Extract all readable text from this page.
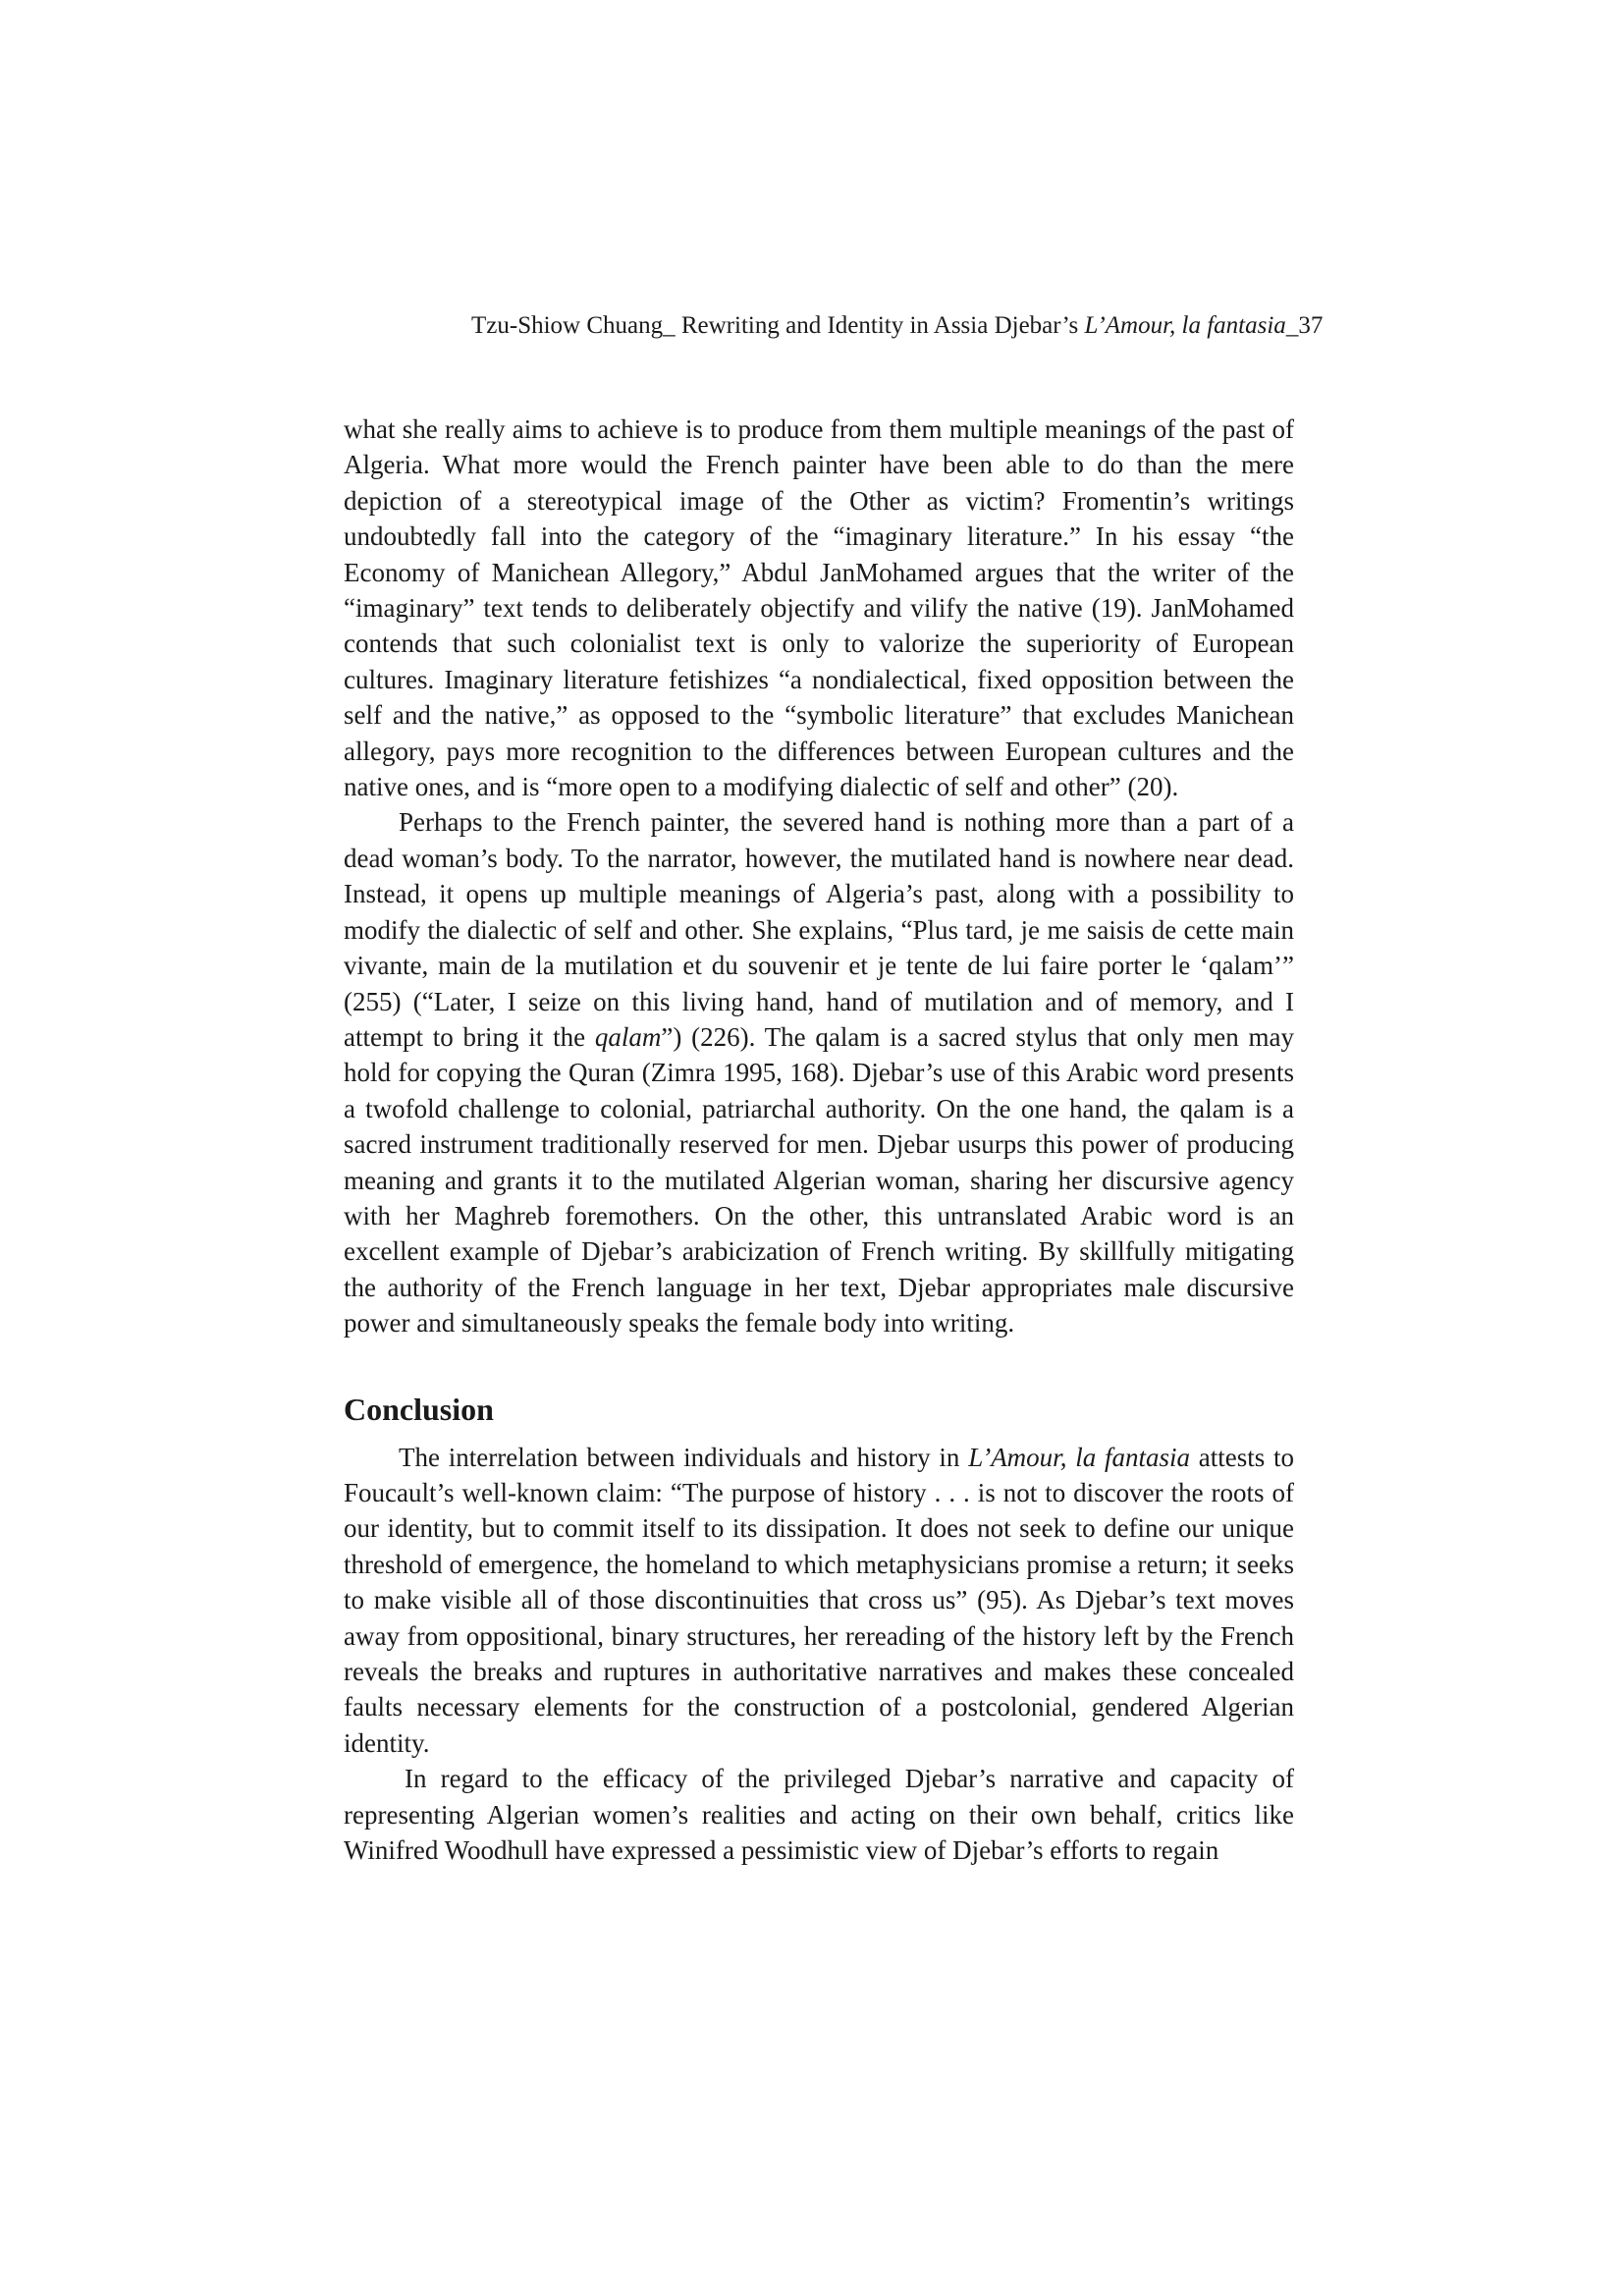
Tzu-Shiow Chuang_ Rewriting and Identity in Assia Djebar’s L’Amour, la fantasia_37

what she really aims to achieve is to produce from them multiple meanings of the past of Algeria. What more would the French painter have been able to do than the mere depiction of a stereotypical image of the Other as victim? Fromentin’s writings undoubtedly fall into the category of the “imaginary literature.” In his essay “the Economy of Manichean Allegory,” Abdul JanMohamed argues that the writer of the “imaginary” text tends to deliberately objectify and vilify the native (19). JanMohamed contends that such colonialist text is only to valorize the superiority of European cultures. Imaginary literature fetishizes “a nondialectical, fixed opposition between the self and the native,” as opposed to the “symbolic literature” that excludes Manichean allegory, pays more recognition to the differences between European cultures and the native ones, and is “more open to a modifying dialectic of self and other” (20).

Perhaps to the French painter, the severed hand is nothing more than a part of a dead woman’s body. To the narrator, however, the mutilated hand is nowhere near dead. Instead, it opens up multiple meanings of Algeria’s past, along with a possibility to modify the dialectic of self and other. She explains, “Plus tard, je me saisis de cette main vivante, main de la mutilation et du souvenir et je tente de lui faire porter le ‘qalam’” (255) (“Later, I seize on this living hand, hand of mutilation and of memory, and I attempt to bring it the qalam”) (226). The qalam is a sacred stylus that only men may hold for copying the Quran (Zimra 1995, 168). Djebar’s use of this Arabic word presents a twofold challenge to colonial, patriarchal authority. On the one hand, the qalam is a sacred instrument traditionally reserved for men. Djebar usurps this power of producing meaning and grants it to the mutilated Algerian woman, sharing her discursive agency with her Maghreb foremothers. On the other, this untranslated Arabic word is an excellent example of Djebar’s arabicization of French writing. By skillfully mitigating the authority of the French language in her text, Djebar appropriates male discursive power and simultaneously speaks the female body into writing.

Conclusion

The interrelation between individuals and history in L’Amour, la fantasia attests to Foucault’s well-known claim: “The purpose of history . . . is not to discover the roots of our identity, but to commit itself to its dissipation. It does not seek to define our unique threshold of emergence, the homeland to which metaphysicians promise a return; it seeks to make visible all of those discontinuities that cross us” (95). As Djebar’s text moves away from oppositional, binary structures, her rereading of the history left by the French reveals the breaks and ruptures in authoritative narratives and makes these concealed faults necessary elements for the construction of a postcolonial, gendered Algerian identity.

In regard to the efficacy of the privileged Djebar’s narrative and capacity of representing Algerian women’s realities and acting on their own behalf, critics like Winifred Woodhull have expressed a pessimistic view of Djebar’s efforts to regain
